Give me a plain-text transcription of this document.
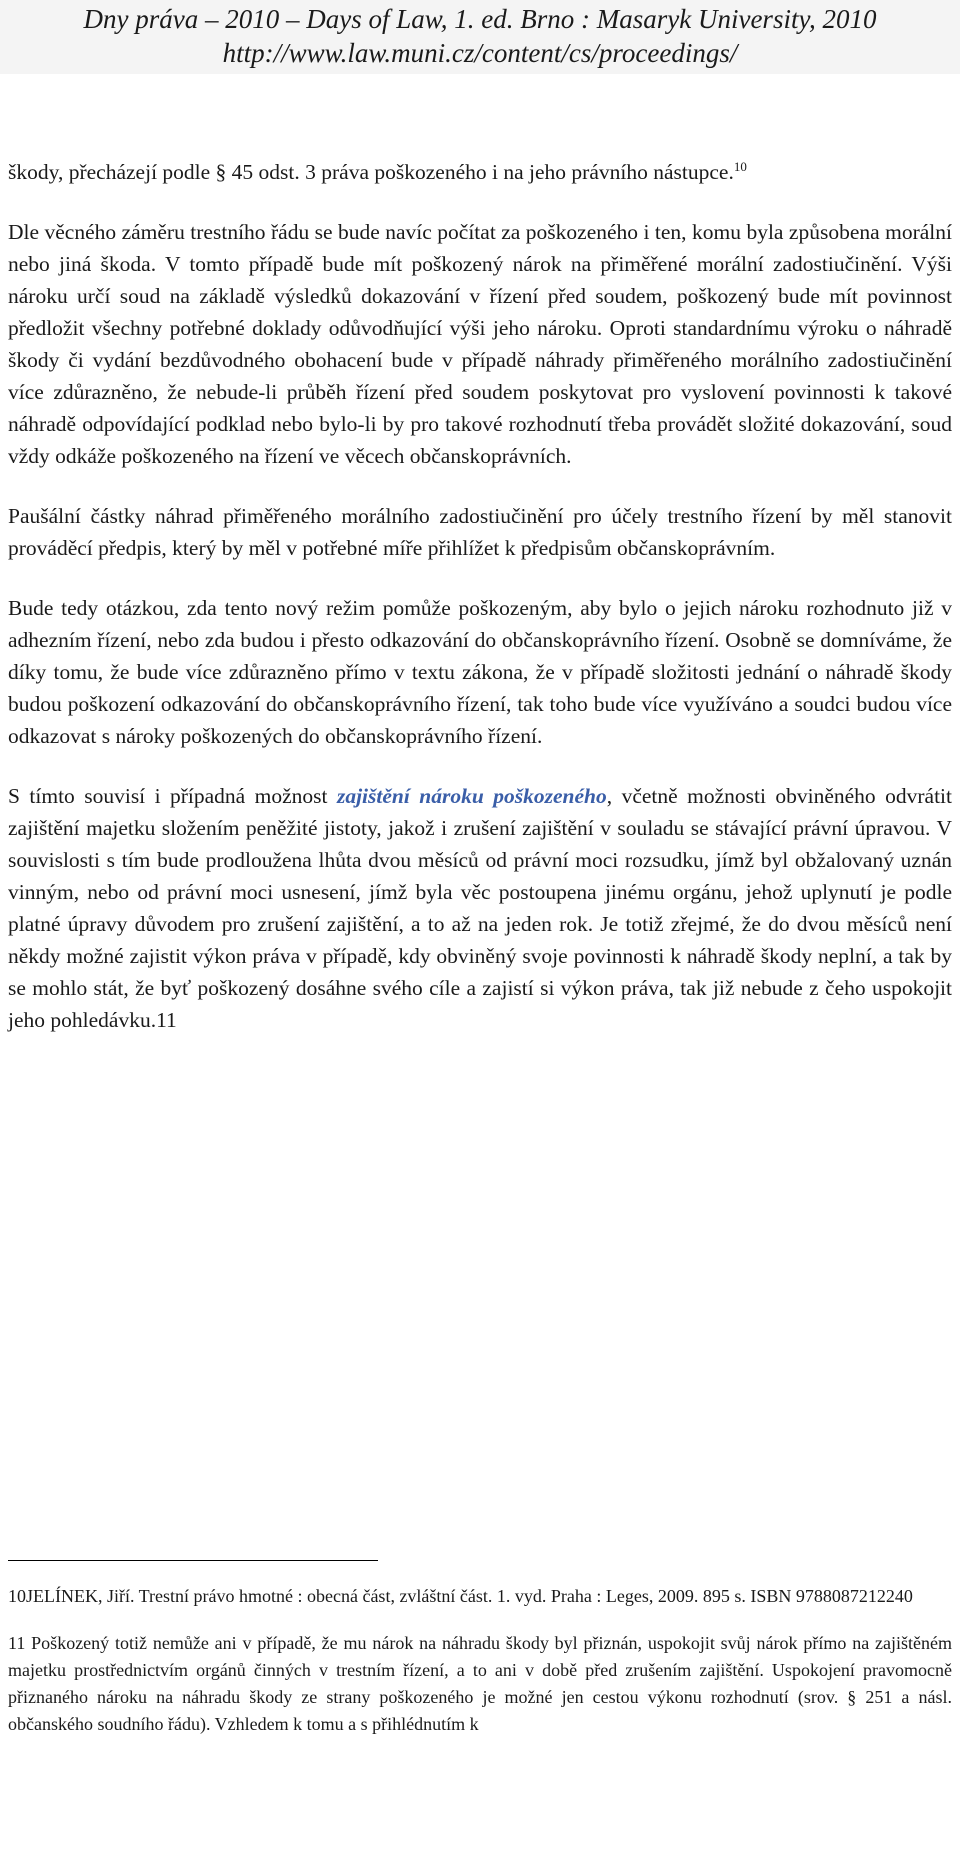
Dny práva – 2010 – Days of Law, 1. ed. Brno : Masaryk University, 2010
http://www.law.muni.cz/content/cs/proceedings/

škody, přecházejí podle § 45 odst. 3 práva poškozeného i na jeho právního nástupce.$^{10}$

Dle věcného záměru trestního řádu se bude navíc počítat za poškozeného i ten, komu byla způsobena morální nebo jiná škoda. V tomto případě bude mít poškozený nárok na přiměřené morální zadostiučinění. Výši nároku určí soud na základě výsledků dokazování v řízení před soudem, poškozený bude mít povinnost předložit všechny potřebné doklady odůvodňující výši jeho nároku. Oproti standardnímu výroku o náhradě škody či vydání bezdůvodného obohacení bude v případě náhrady přiměřeného morálního zadostiučinění více zdůrazněno, že nebude-li průběh řízení před soudem poskytovat pro vyslovení povinnosti k takové náhradě odpovídající podklad nebo bylo-li by pro takové rozhodnutí třeba provádět složité dokazování, soud vždy odkáže poškozeného na řízení ve věcech občanskoprávních.

Paušální částky náhrad přiměřeného morálního zadostiučinění pro účely trestního řízení by měl stanovit prováděcí předpis, který by měl v potřebné míře přihlížet k předpisům občanskoprávním.

Bude tedy otázkou, zda tento nový režim pomůže poškozeným, aby bylo o jejich nároku rozhodnuto již v adhezním řízení, nebo zda budou i přesto odkazování do občanskoprávního řízení. Osobně se domníváme, že díky tomu, že bude více zdůrazněno přímo v textu zákona, že v případě složitosti jednání o náhradě škody budou poškození odkazování do občanskoprávního řízení, tak toho bude více využíváno a soudci budou více odkazovat s nároky poškozených do občanskoprávního řízení.

S tímto souvisí i případná možnost zajištění nároku poškozeného, včetně možnosti obviněného odvrátit zajištění majetku složením peněžité jistoty, jakož i zrušení zajištění v souladu se stávající právní úpravou. V souvislosti s tím bude prodloužena lhůta dvou měsíců od právní moci rozsudku, jímž byl obžalovaný uznán vinným, nebo od právní moci usnesení, jímž byla věc postoupena jinému orgánu, jehož uplynutí je podle platné úpravy důvodem pro zrušení zajištění, a to až na jeden rok. Je totiž zřejmé, že do dvou měsíců není někdy možné zajistit výkon práva v případě, kdy obviněný svoje povinnosti k náhradě škody neplní, a tak by se mohlo stát, že byť poškozený dosáhne svého cíle a zajistí si výkon práva, tak již nebude z čeho uspokojit jeho pohledávku.11

10JELÍNEK, Jiří. Trestní právo hmotné : obecná část, zvláštní část. 1. vyd. Praha : Leges, 2009. 895 s. ISBN 9788087212240

11 Poškozený totiž nemůže ani v případě, že mu nárok na náhradu škody byl přiznán, uspokojit svůj nárok přímo na zajištěném majetku prostřednictvím orgánů činných v trestním řízení, a to ani v době před zrušením zajištění. Uspokojení pravomocně přiznaného nároku na náhradu škody ze strany poškozeného je možné jen cestou výkonu rozhodnutí (srov. § 251 a násl. občanského soudního řádu). Vzhledem k tomu a s přihlédnutím k
